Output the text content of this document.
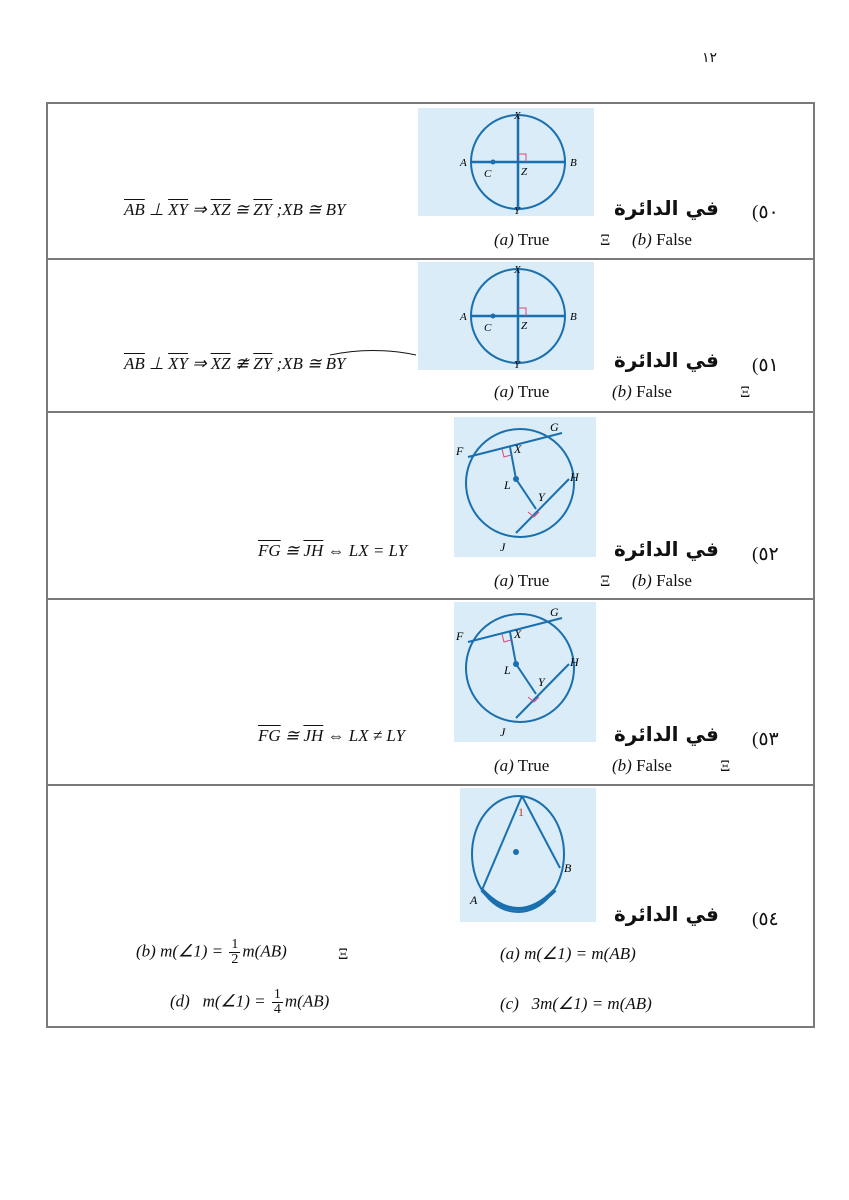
١٢
X
A	B
C	Z
Y
$\overline{AB}$ ⊥ $\overline{XY}$ ⇒ $\overline{XZ}$ ≅ $\overline{ZY}$ ;XB ≅ BY	في الدائرة ٥٠)
(a) True	Ξ (b) False
X
A	B
C	Z
Y
$\overline{AB}$ ⊥ $\overline{XY}$ ⇒ $\overline{XZ}$ ≇ $\overline{ZY}$ ;XB ≅ BY	في الدائرة ٥١)
(a) True	(b) False	Ξ
F
G
X
L
Y
H
J
$\overline{FG}$ ≅ $\overline{JH}$ ⇔ LX = LY	في الدائرة ٥٢)
(a) True	Ξ (b) False
F
G
X
L
Y
H
J
$\overline{FG}$ ≅ $\overline{JH}$ ⇔ LX ≠ LY	في الدائرة ٥٣)
(a) True	(b) False	Ξ
1
A
B
في الدائرة ٥٤)
(b) m(∠1) = $\frac{1}{2} m(AB)$	Ξ	(a) m(∠1) = m(AB)
(d) m(∠1) = $\frac{1}{4} m(AB)$	(c) 3m(∠1) = m(AB)
